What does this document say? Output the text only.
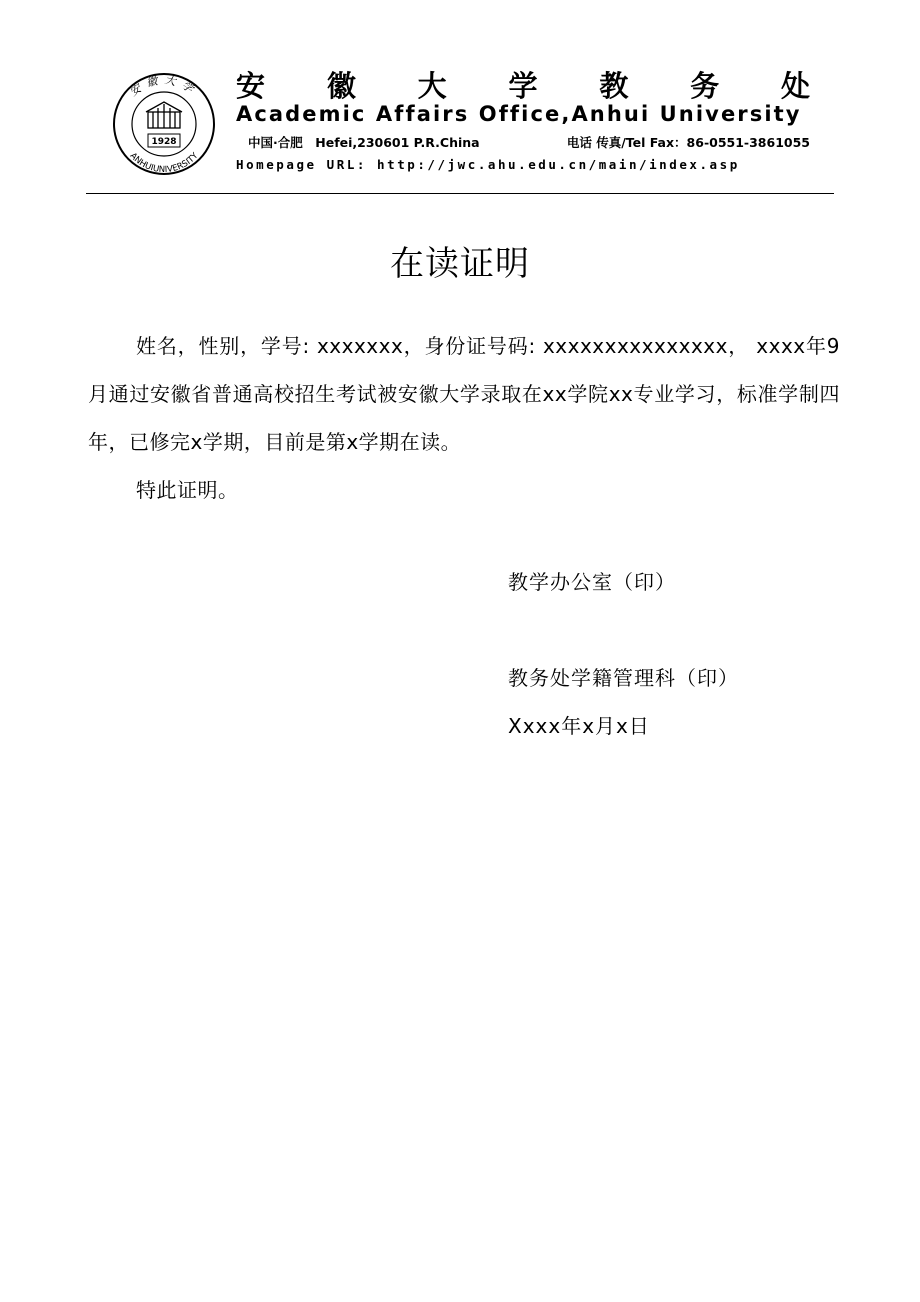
安徽大学
ANHUIUNIVERSITY
1928
安 徽 大 学 教 务 处
Academic Affairs Office,Anhui University
中国·合肥　Hefei,230601 P.R.China	电话 传真/Tel Fax：86-0551-3861055
Homepage URL: http://jwc.ahu.edu.cn/main/index.asp
在读证明
姓名，性别，学号: xxxxxxx，身份证号码: xxxxxxxxxxxxxxx， xxxx年9月通过安徽省普通高校招生考试被安徽大学录取在xx学院xx专业学习，标准学制四年，已修完x学期，目前是第x学期在读。
特此证明。
教学办公室（印）
教务处学籍管理科（印）
Xxxx年x月x日
